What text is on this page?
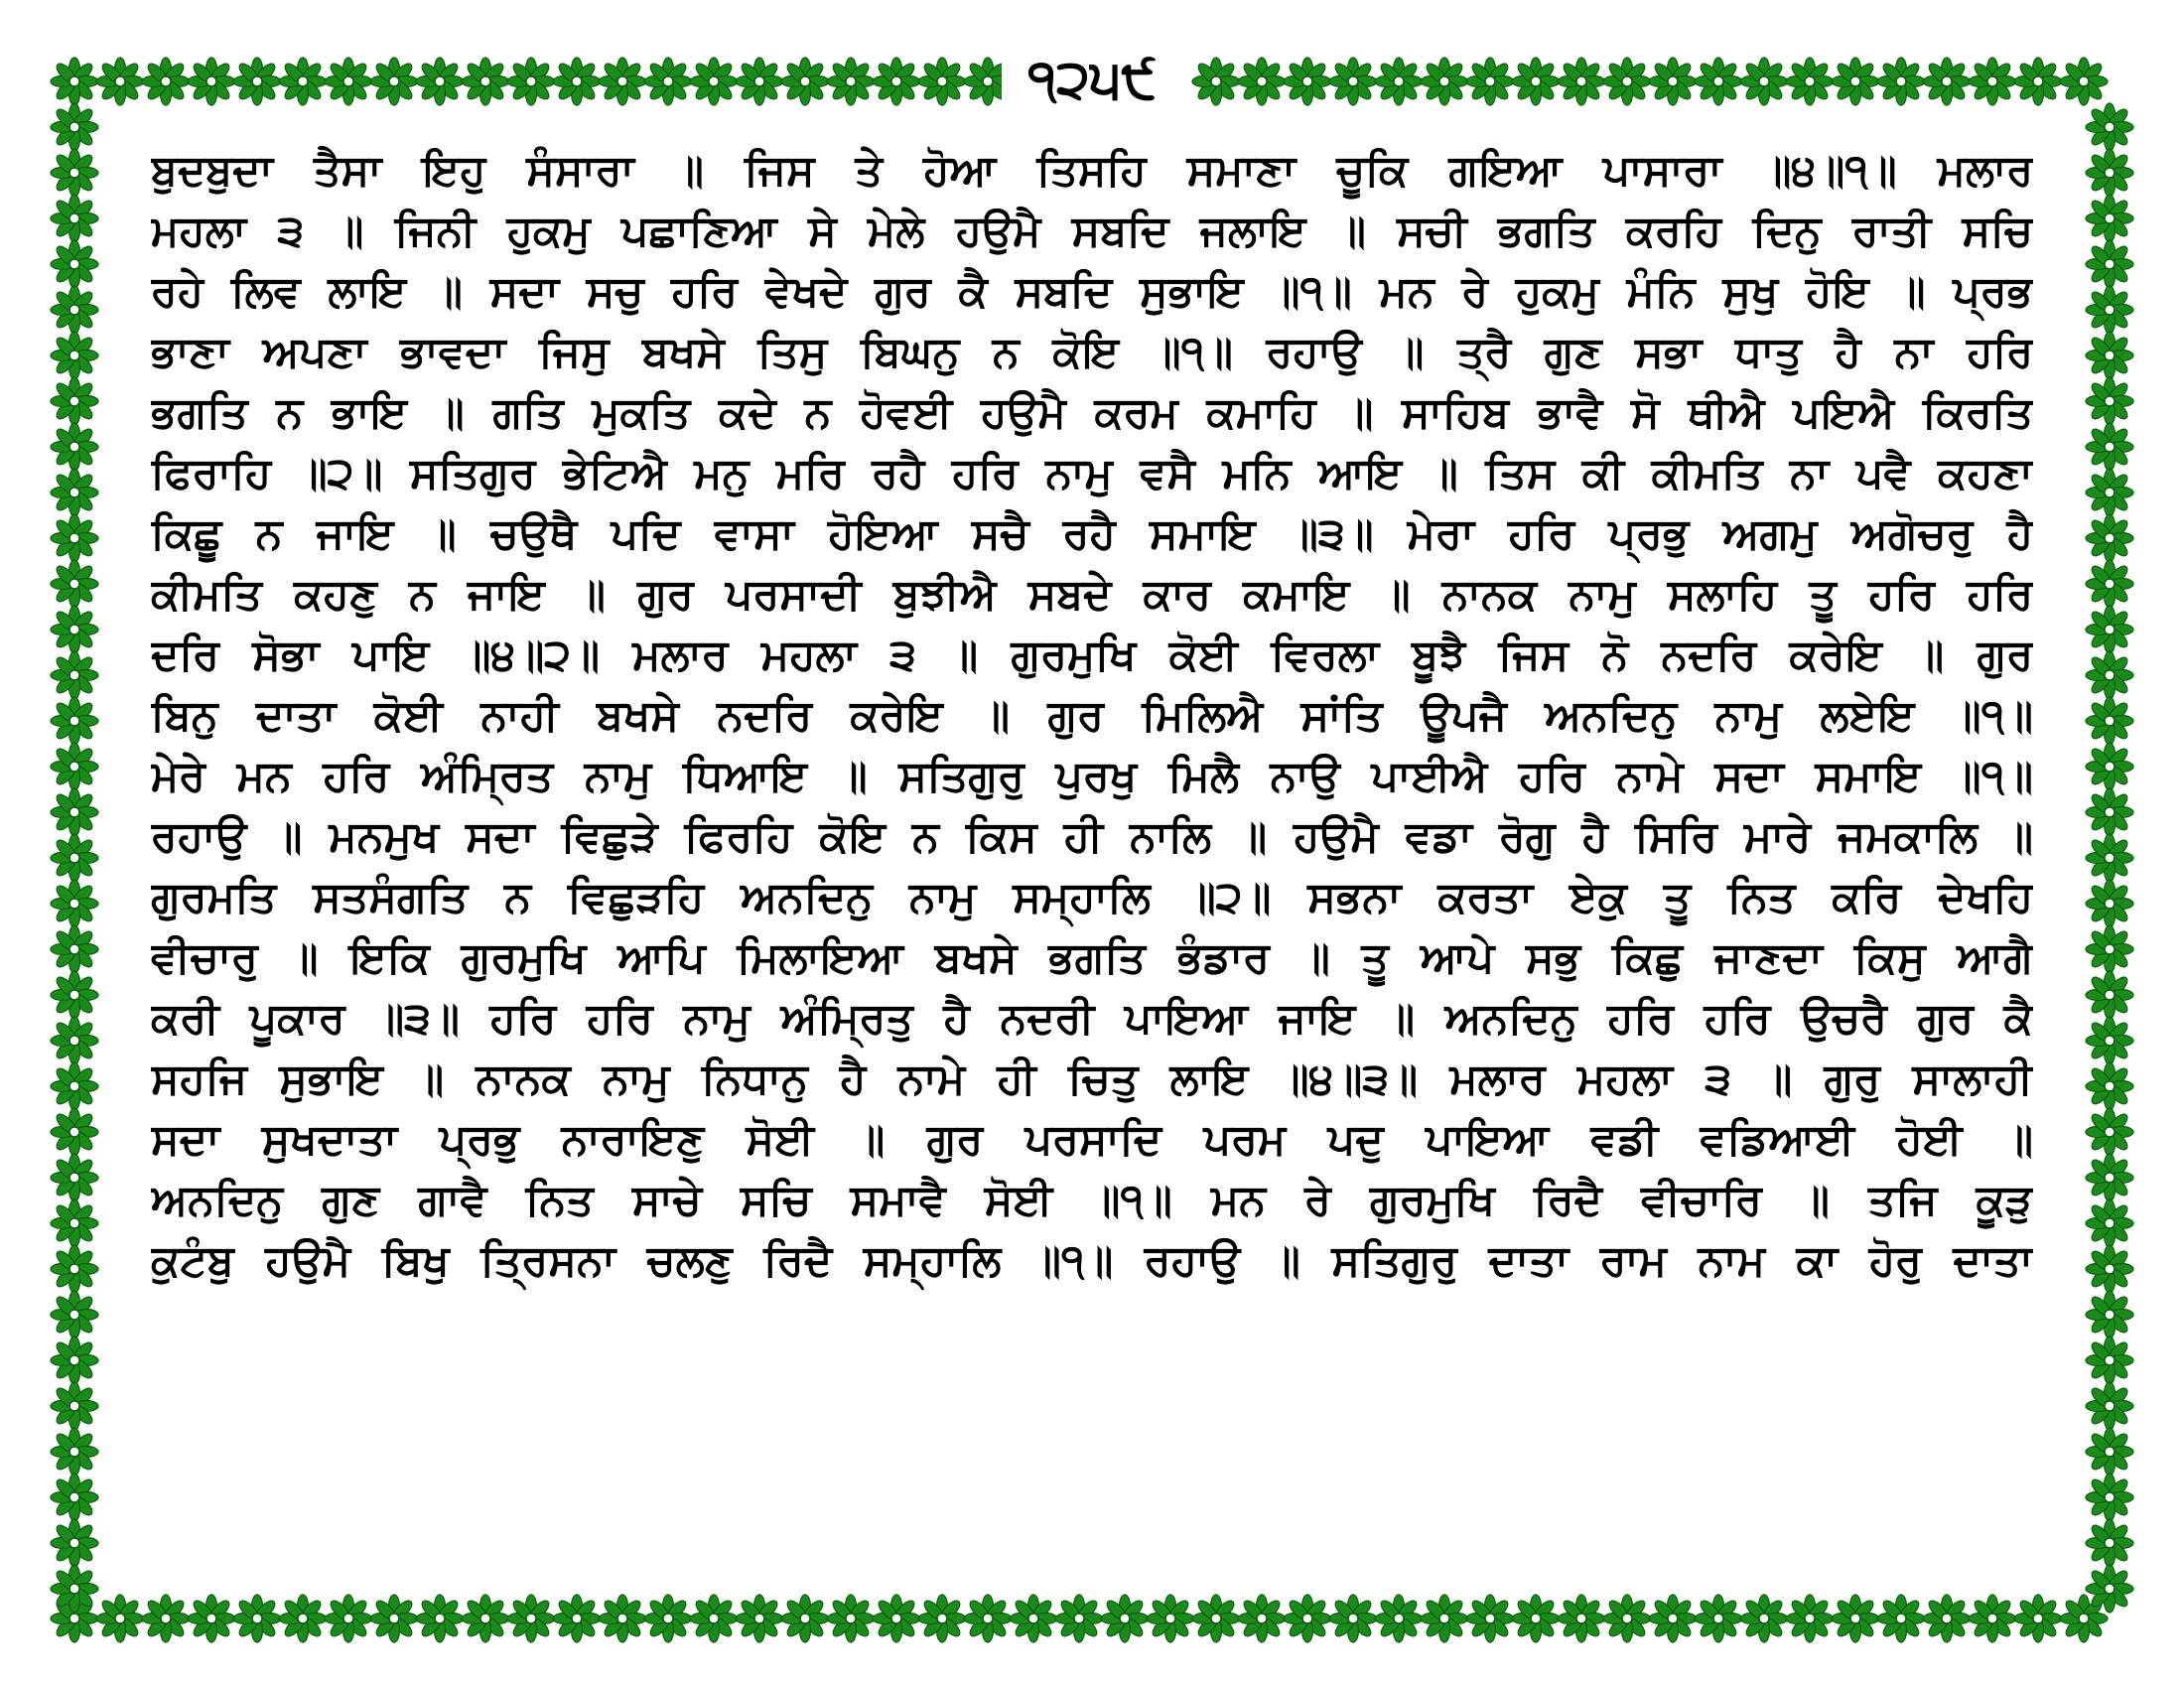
੧੨੫੯
ਬੁਦਬੁਦਾ ਤੈਸਾ ਇਹੁ ਸੰਸਾਰਾ ॥ ਜਿਸ ਤੇ ਹੋਆ ਤਿਸਹਿ ਸਮਾਣਾ ਚੂਕਿ ਗਇਆ ਪਾਸਾਰਾ ॥੪॥੧॥ ਮਲਾਰ
ਮਹਲਾ ੩ ॥ ਜਿਨੀ ਹੁਕਮੁ ਪਛਾਣਿਆ ਸੇ ਮੇਲੇ ਹਉਮੈ ਸਬਦਿ ਜਲਾਇ ॥ ਸਚੀ ਭਗਤਿ ਕਰਹਿ ਦਿਨੁ ਰਾਤੀ ਸਚਿ
ਰਹੇ ਲਿਵ ਲਾਇ ॥ ਸਦਾ ਸਚੁ ਹਰਿ ਵੇਖਦੇ ਗੁਰ ਕੈ ਸਬਦਿ ਸੁਭਾਇ ॥੧॥ ਮਨ ਰੇ ਹੁਕਮੁ ਮੰਨਿ ਸੁਖੁ ਹੋਇ ॥ ਪ੍ਰਭ
ਭਾਣਾ ਅਪਣਾ ਭਾਵਦਾ ਜਿਸੁ ਬਖਸੇ ਤਿਸੁ ਬਿਘਨੁ ਨ ਕੋਇ ॥੧॥ ਰਹਾਉ ॥ ਤ੍ਰੈ ਗੁਣ ਸਭਾ ਧਾਤੁ ਹੈ ਨਾ ਹਰਿ
ਭਗਤਿ ਨ ਭਾਇ ॥ ਗਤਿ ਮੁਕਤਿ ਕਦੇ ਨ ਹੋਵਈ ਹਉਮੈ ਕਰਮ ਕਮਾਹਿ ॥ ਸਾਹਿਬ ਭਾਵੈ ਸੋ ਥੀਐ ਪਇਐ ਕਿਰਤਿ
ਫਿਰਾਹਿ ॥੨॥ ਸਤਿਗੁਰ ਭੇਟਿਐ ਮਨੁ ਮਰਿ ਰਹੈ ਹਰਿ ਨਾਮੁ ਵਸੈ ਮਨਿ ਆਇ ॥ ਤਿਸ ਕੀ ਕੀਮਤਿ ਨਾ ਪਵੈ ਕਹਣਾ
ਕਿਛੂ ਨ ਜਾਇ ॥ ਚਉਥੈ ਪਦਿ ਵਾਸਾ ਹੋਇਆ ਸਚੈ ਰਹੈ ਸਮਾਇ ॥੩॥ ਮੇਰਾ ਹਰਿ ਪ੍ਰਭੁ ਅਗਮੁ ਅਗੋਚਰੁ ਹੈ
ਕੀਮਤਿ ਕਹਣੁ ਨ ਜਾਇ ॥ ਗੁਰ ਪਰਸਾਦੀ ਬੁਝੀਐ ਸਬਦੇ ਕਾਰ ਕਮਾਇ ॥ ਨਾਨਕ ਨਾਮੁ ਸਲਾਹਿ ਤੂ ਹਰਿ ਹਰਿ
ਦਰਿ ਸੋਭਾ ਪਾਇ ॥੪॥੨॥ ਮਲਾਰ ਮਹਲਾ ੩ ॥ ਗੁਰਮੁਖਿ ਕੋਈ ਵਿਰਲਾ ਬੂਝੈ ਜਿਸ ਨੋ ਨਦਰਿ ਕਰੇਇ ॥ ਗੁਰ
ਬਿਨੁ ਦਾਤਾ ਕੋਈ ਨਾਹੀ ਬਖਸੇ ਨਦਰਿ ਕਰੇਇ ॥ ਗੁਰ ਮਿਲਿਐ ਸਾਂਤਿ ਊਪਜੈ ਅਨਦਿਨੁ ਨਾਮੁ ਲਏਇ ॥੧॥
ਮੇਰੇ ਮਨ ਹਰਿ ਅੰਮ੍ਰਿਤ ਨਾਮੁ ਧਿਆਇ ॥ ਸਤਿਗੁਰੁ ਪੁਰਖੁ ਮਿਲੈ ਨਾਉ ਪਾਈਐ ਹਰਿ ਨਾਮੇ ਸਦਾ ਸਮਾਇ ॥੧॥
ਰਹਾਉ ॥ ਮਨਮੁਖ ਸਦਾ ਵਿਛੁੜੇ ਫਿਰਹਿ ਕੋਇ ਨ ਕਿਸ ਹੀ ਨਾਲਿ ॥ ਹਉਮੈ ਵਡਾ ਰੋਗੁ ਹੈ ਸਿਰਿ ਮਾਰੇ ਜਮਕਾਲਿ ॥
ਗੁਰਮਤਿ ਸਤਸੰਗਤਿ ਨ ਵਿਛੁੜਹਿ ਅਨਦਿਨੁ ਨਾਮੁ ਸਮ੍ਹਾਲਿ ॥੨॥ ਸਭਨਾ ਕਰਤਾ ਏਕੁ ਤੂ ਨਿਤ ਕਰਿ ਦੇਖਹਿ
ਵੀਚਾਰੁ ॥ ਇਕਿ ਗੁਰਮੁਖਿ ਆਪਿ ਮਿਲਾਇਆ ਬਖਸੇ ਭਗਤਿ ਭੰਡਾਰ ॥ ਤੂ ਆਪੇ ਸਭੁ ਕਿਛੁ ਜਾਣਦਾ ਕਿਸੁ ਆਗੈ
ਕਰੀ ਪੂਕਾਰ ॥੩॥ ਹਰਿ ਹਰਿ ਨਾਮੁ ਅੰਮ੍ਰਿਤੁ ਹੈ ਨਦਰੀ ਪਾਇਆ ਜਾਇ ॥ ਅਨਦਿਨੁ ਹਰਿ ਹਰਿ ਉਚਰੈ ਗੁਰ ਕੈ
ਸਹਜਿ ਸੁਭਾਇ ॥ ਨਾਨਕ ਨਾਮੁ ਨਿਧਾਨੁ ਹੈ ਨਾਮੇ ਹੀ ਚਿਤੁ ਲਾਇ ॥੪॥੩॥ ਮਲਾਰ ਮਹਲਾ ੩ ॥ ਗੁਰੁ ਸਾਲਾਹੀ
ਸਦਾ ਸੁਖਦਾਤਾ ਪ੍ਰਭੁ ਨਾਰਾਇਣੁ ਸੋਈ ॥ ਗੁਰ ਪਰਸਾਦਿ ਪਰਮ ਪਦੁ ਪਾਇਆ ਵਡੀ ਵਡਿਆਈ ਹੋਈ ॥
ਅਨਦਿਨੁ ਗੁਣ ਗਾਵੈ ਨਿਤ ਸਾਚੇ ਸਚਿ ਸਮਾਵੈ ਸੋਈ ॥੧॥ ਮਨ ਰੇ ਗੁਰਮੁਖਿ ਰਿਦੈ ਵੀਚਾਰਿ ॥ ਤਜਿ ਕੂੜੁ
ਕੁਟੰਬੁ ਹਉਮੈ ਬਿਖੁ ਤ੍ਰਿਸਨਾ ਚਲਣੁ ਰਿਦੈ ਸਮ੍ਹਾਲਿ ॥੧॥ ਰਹਾਉ ॥ ਸਤਿਗੁਰੁ ਦਾਤਾ ਰਾਮ ਨਾਮ ਕਾ ਹੋਰੁ ਦਾਤਾ
